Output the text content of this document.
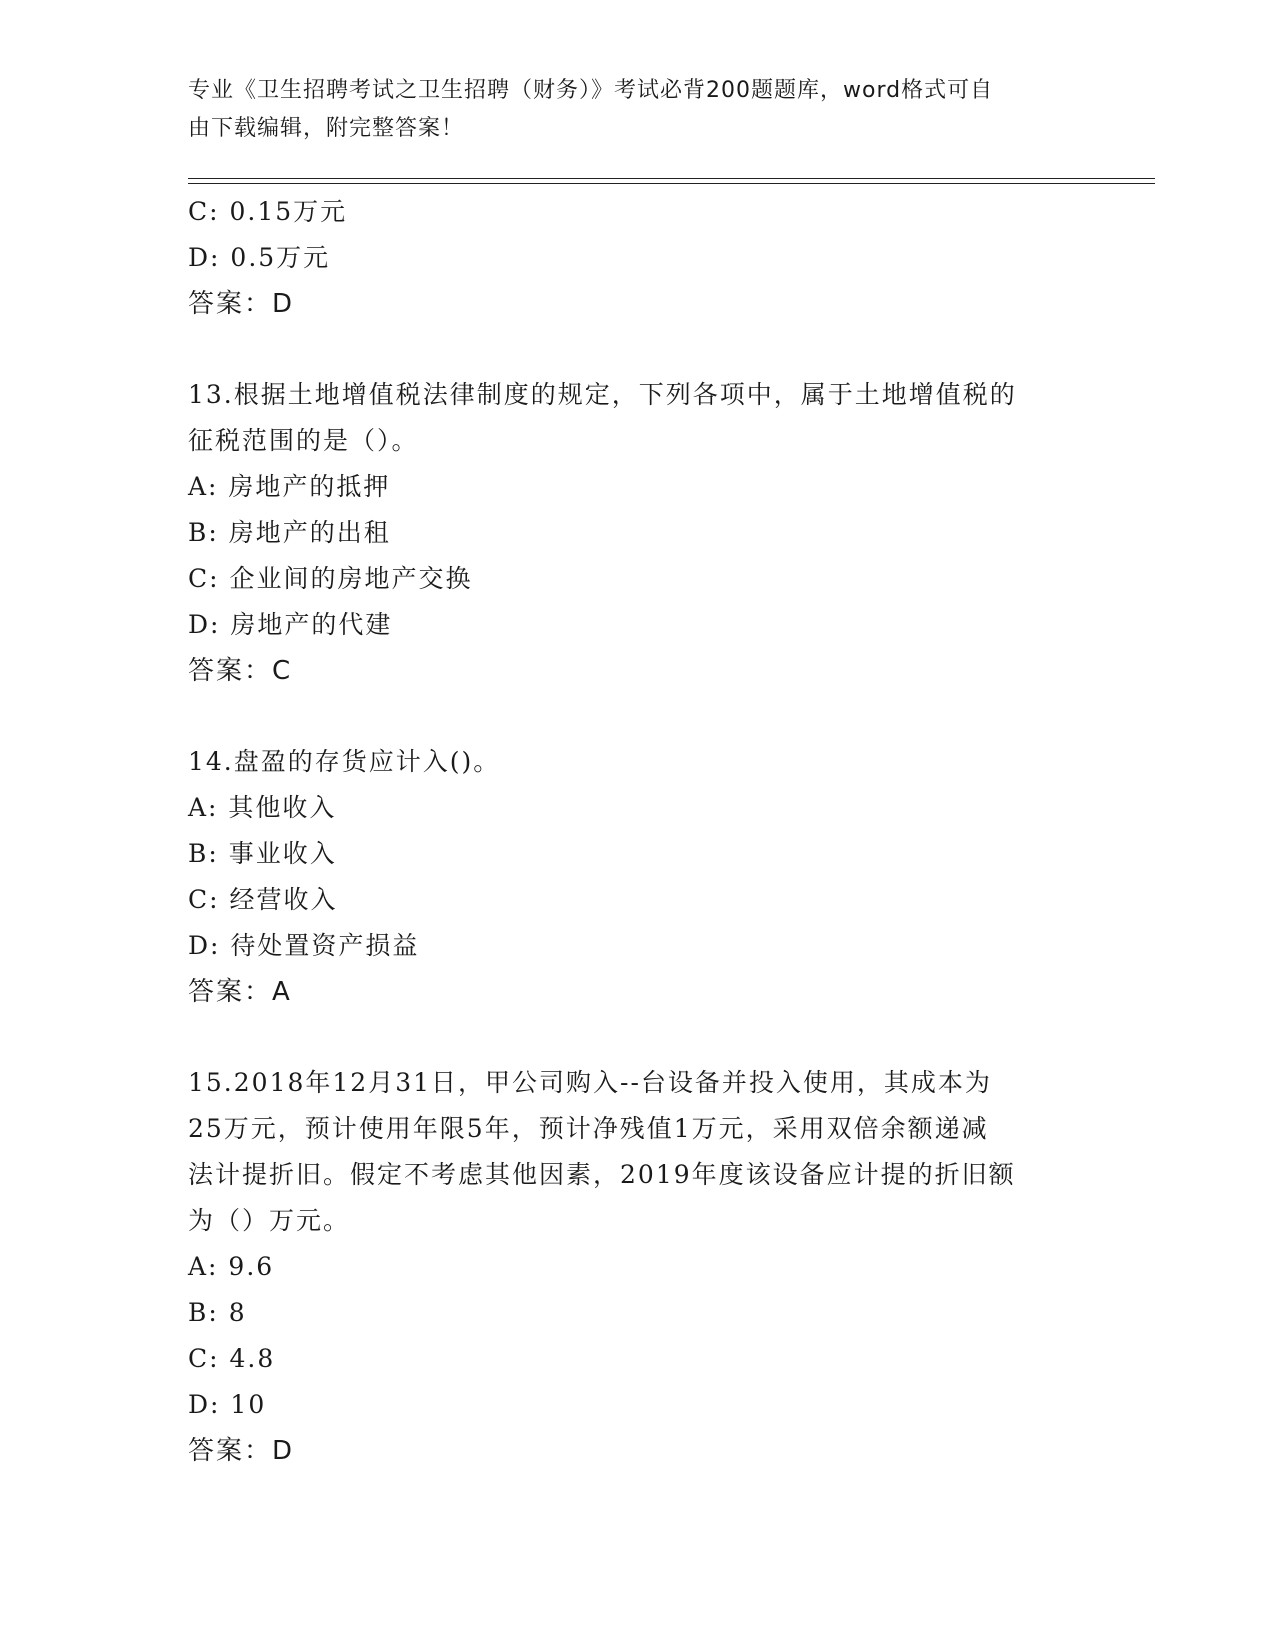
专业《卫生招聘考试之卫生招聘（财务）》考试必背200题题库，word格式可自
由下载编辑，附完整答案！
C: 0.15万元
D: 0.5万元
答案：D
13.根据土地增值税法律制度的规定，下列各项中，属于土地增值税的
征税范围的是（）。
A: 房地产的抵押
B: 房地产的出租
C: 企业间的房地产交换
D: 房地产的代建
答案：C
14.盘盈的存货应计入()。
A: 其他收入
B: 事业收入
C: 经营收入
D: 待处置资产损益
答案：A
15.2018年12月31日，甲公司购入--台设备并投入使用，其成本为
25万元，预计使用年限5年，预计净残值1万元，采用双倍余额递减
法计提折旧。假定不考虑其他因素，2019年度该设备应计提的折旧额
为（）万元。
A: 9.6
B: 8
C: 4.8
D: 10
答案：D
